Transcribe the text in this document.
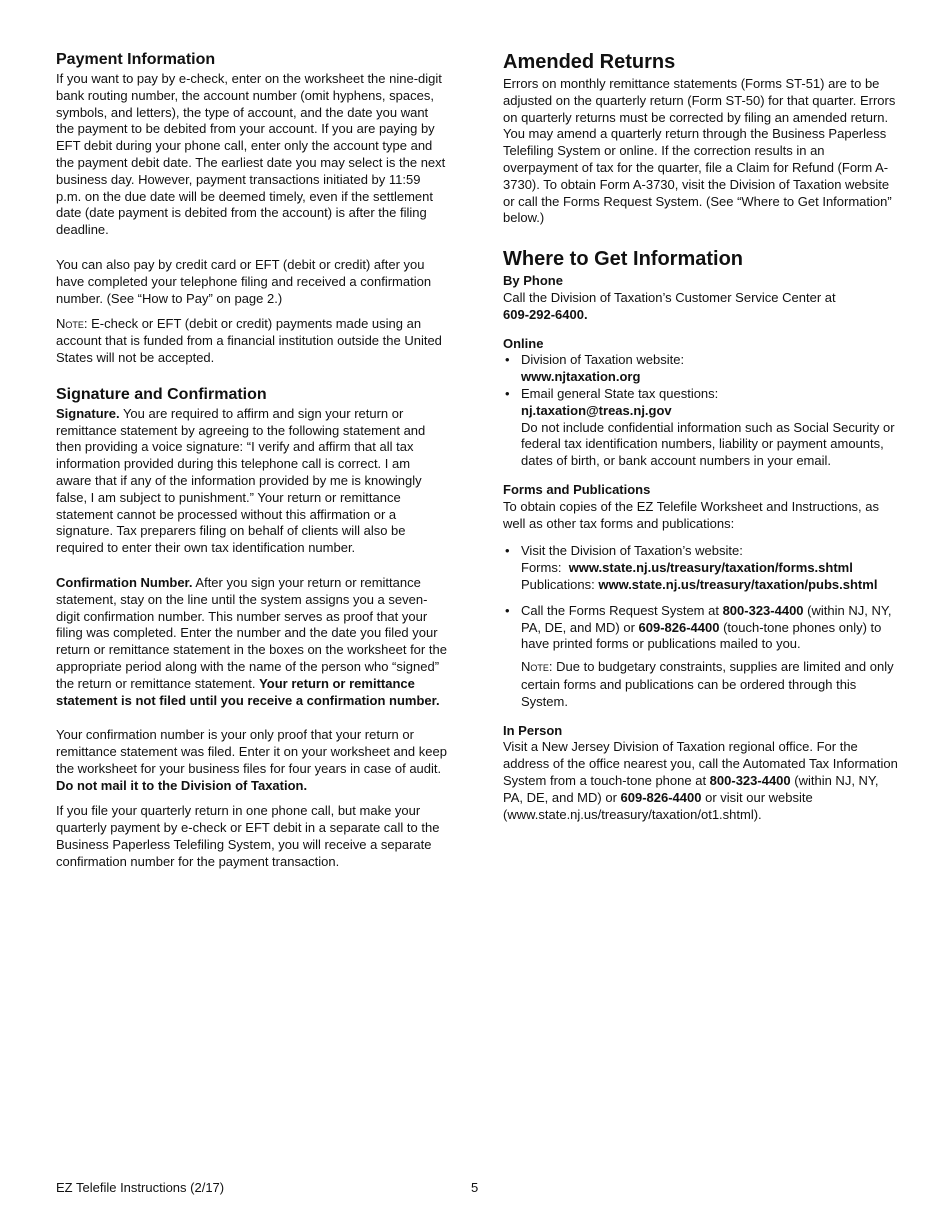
Payment Information

If you want to pay by e-check, enter on the worksheet the nine-digit bank routing number, the account number (omit hyphens, spaces, symbols, and letters), the type of account, and the date you want the payment to be debited from your account. If you are paying by EFT debit during your phone call, enter only the account type and the payment debit date. The earliest date you may select is the next business day. However, payment transactions initiated by 11:59 p.m. on the due date will be deemed timely, even if the settlement date (date payment is debited from the account) is after the filing deadline.

You can also pay by credit card or EFT (debit or credit) after you have completed your telephone filing and received a confirmation number. (See “How to Pay” on page 2.)

Note: E-check or EFT (debit or credit) payments made using an account that is funded from a financial institution outside the United States will not be accepted.

Signature and Confirmation

Signature. You are required to affirm and sign your return or remittance statement by agreeing to the following statement and then providing a voice signature: “I verify and affirm that all tax information provided during this telephone call is correct. I am aware that if any of the information provided by me is knowingly false, I am subject to punishment.” Your return or remittance statement cannot be processed without this affirmation or a signature. Tax preparers filing on behalf of clients will also be required to enter their own tax identification number.

Confirmation Number. After you sign your return or remittance statement, stay on the line until the system assigns you a seven-digit confirmation number. This number serves as proof that your filing was completed. Enter the number and the date you filed your return or remittance statement in the boxes on the worksheet for the appropriate period along with the name of the person who “signed” the return or remittance statement. Your return or remittance statement is not filed until you receive a confirmation number.

Your confirmation number is your only proof that your return or remittance statement was filed. Enter it on your worksheet and keep the worksheet for your business files for four years in case of audit. Do not mail it to the Division of Taxation.

If you file your quarterly return in one phone call, but make your quarterly payment by e-check or EFT debit in a separate call to the Business Paperless Telefiling System, you will receive a separate confirmation number for the payment transaction.

Amended Returns

Errors on monthly remittance statements (Forms ST-51) are to be adjusted on the quarterly return (Form ST-50) for that quarter. Errors on quarterly returns must be corrected by filing an amended return. You may amend a quarterly return through the Business Paperless Telefiling System or online. If the correction results in an overpayment of tax for the quarter, file a Claim for Refund (Form A-3730). To obtain Form A-3730, visit the Division of Taxation website or call the Forms Request System. (See “Where to Get Information” below.)

Where to Get Information

By Phone

Call the Division of Taxation’s Customer Service Center at
609-292-6400.

Online

• Division of Taxation website:
www.njtaxation.org
• Email general State tax questions:
nj.taxation@treas.nj.gov
Do not include confidential information such as Social Security or federal tax identification numbers, liability or payment amounts, dates of birth, or bank account numbers in your email.

Forms and Publications

To obtain copies of the EZ Telefile Worksheet and Instructions, as well as other tax forms and publications:

• Visit the Division of Taxation’s website:
Forms: www.state.nj.us/treasury/taxation/forms.shtml
Publications: www.state.nj.us/treasury/taxation/pubs.shtml
• Call the Forms Request System at 800-323-4400 (within NJ, NY, PA, DE, and MD) or 609-826-4400 (touch-tone phones only) to have printed forms or publications mailed to you.

Note: Due to budgetary constraints, supplies are limited and only certain forms and publications can be ordered through this System.

In Person

Visit a New Jersey Division of Taxation regional office. For the address of the office nearest you, call the Automated Tax Information System from a touch-tone phone at 800-323-4400 (within NJ, NY, PA, DE, and MD) or 609-826-4400 or visit our website (www.state.nj.us/treasury/taxation/ot1.shtml).

EZ Telefile Instructions (2/17)	5
